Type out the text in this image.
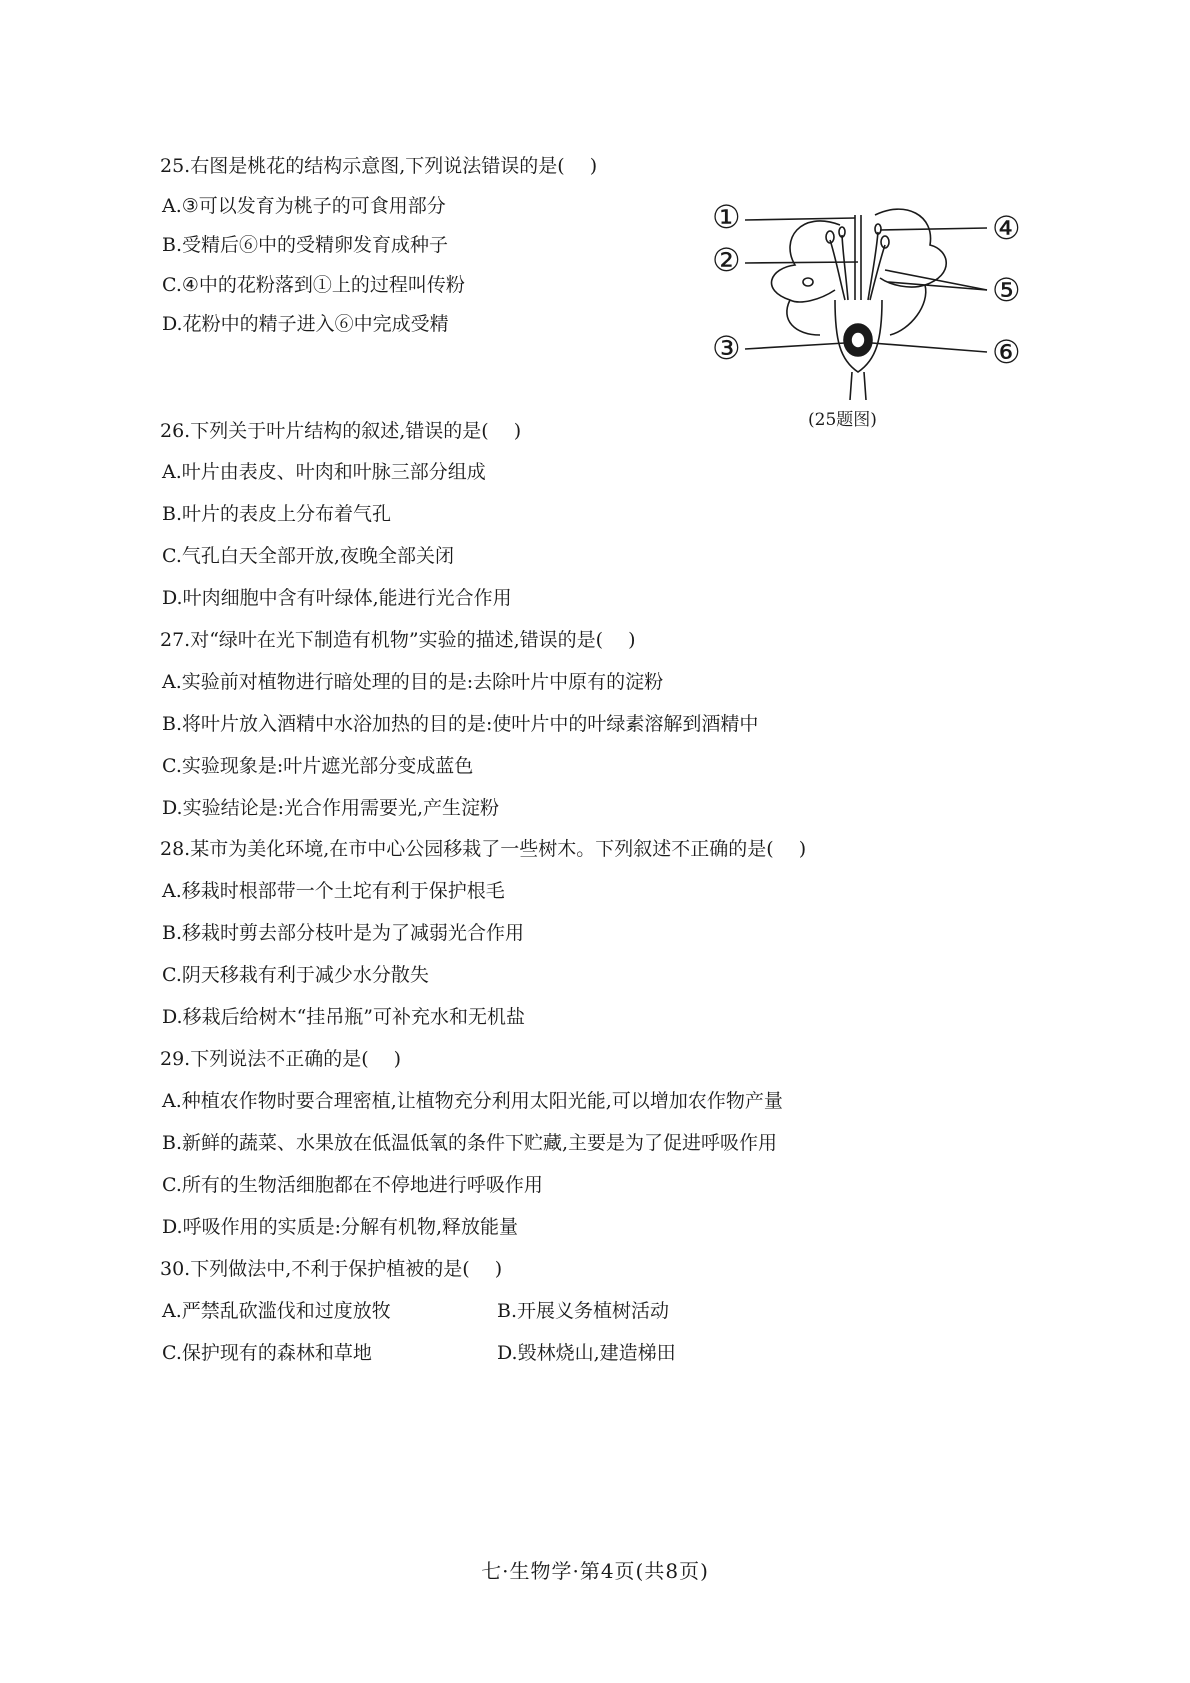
25.右图是桃花的结构示意图,下列说法错误的是(　 )
A.③可以发育为桃子的可食用部分
B.受精后⑥中的受精卵发育成种子
C.④中的花粉落到①上的过程叫传粉
D.花粉中的精子进入⑥中完成受精
①
②
③
④
⑤
⑥
(25题图)
26.下列关于叶片结构的叙述,错误的是(　 )
A.叶片由表皮、叶肉和叶脉三部分组成
B.叶片的表皮上分布着气孔
C.气孔白天全部开放,夜晚全部关闭
D.叶肉细胞中含有叶绿体,能进行光合作用
27.对“绿叶在光下制造有机物”实验的描述,错误的是(　 )
A.实验前对植物进行暗处理的目的是:去除叶片中原有的淀粉
B.将叶片放入酒精中水浴加热的目的是:使叶片中的叶绿素溶解到酒精中
C.实验现象是:叶片遮光部分变成蓝色
D.实验结论是:光合作用需要光,产生淀粉
28.某市为美化环境,在市中心公园移栽了一些树木。下列叙述不正确的是(　 )
A.移栽时根部带一个土坨有利于保护根毛
B.移栽时剪去部分枝叶是为了减弱光合作用
C.阴天移栽有利于减少水分散失
D.移栽后给树木“挂吊瓶”可补充水和无机盐
29.下列说法不正确的是(　 )
A.种植农作物时要合理密植,让植物充分利用太阳光能,可以增加农作物产量
B.新鲜的蔬菜、水果放在低温低氧的条件下贮藏,主要是为了促进呼吸作用
C.所有的生物活细胞都在不停地进行呼吸作用
D.呼吸作用的实质是:分解有机物,释放能量
30.下列做法中,不利于保护植被的是(　 )
A.严禁乱砍滥伐和过度放牧	B.开展义务植树活动
C.保护现有的森林和草地	D.毁林烧山,建造梯田
七·生物学·第4页(共8页)
